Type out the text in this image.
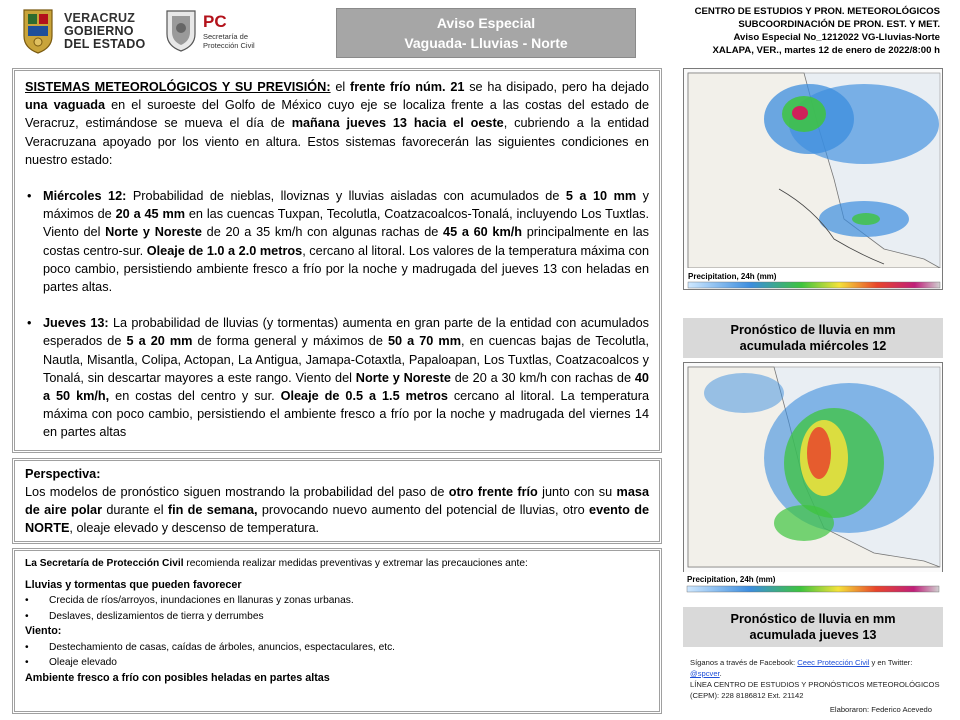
VERACRUZ
GOBIERNO
DEL ESTADO
PC
Secretaría de
Protección Civil
Aviso Especial
Vaguada- Lluvias - Norte
CENTRO DE ESTUDIOS Y PRON. METEOROLÓGICOS
SUBCOORDINACIÓN DE PRON. EST. Y MET.
Aviso Especial No_1212022 VG-Lluvias-Norte
XALAPA, VER., martes 12 de enero de 2022/8:00 h

SISTEMAS METEOROLÓGICOS Y SU PREVISIÓN: el frente frío núm. 21 se ha disipado, pero ha dejado una vaguada en el suroeste del Golfo de México cuyo eje se localiza frente a las costas del estado de Veracruz, estimándose se mueva el día de mañana jueves 13 hacia el oeste, cubriendo a la entidad Veracruzana apoyado por los viento en altura. Estos sistemas favorecerán las siguientes condiciones en nuestro estado:

• Miércoles 12: Probabilidad de nieblas, lloviznas y lluvias aisladas con acumulados de 5 a 10 mm y máximos de 20 a 45 mm en las cuencas Tuxpan, Tecolutla, Coatzacoalcos-Tonalá, incluyendo Los Tuxtlas. Viento del Norte y Noreste de 20 a 35 km/h con algunas rachas de 45 a 60 km/h principalmente en las costas centro-sur. Oleaje de 1.0 a 2.0 metros, cercano al litoral. Los valores de la temperatura máxima con poco cambio, persistiendo ambiente fresco a frío por la noche y madrugada del jueves 13 con heladas en partes altas.
• Jueves 13: La probabilidad de lluvias (y tormentas) aumenta en gran parte de la entidad con acumulados esperados de 5 a 20 mm de forma general y máximos de 50 a 70 mm, en cuencas bajas de Tecolutla, Nautla, Misantla, Colipa, Actopan, La Antigua, Jamapa-Cotaxtla, Papaloapan, Los Tuxtlas, Coatzacoalcos y Tonalá, sin descartar mayores a este rango. Viento del Norte y Noreste de 20 a 30 km/h con rachas de 40 a 50 km/h, en costas del centro y sur. Oleaje de 0.5 a 1.5 metros cercano al litoral. La temperatura máxima con poco cambio, persistiendo el ambiente fresco a frío por la noche y madrugada del viernes 14 en partes altas
Perspectiva:

Los modelos de pronóstico siguen mostrando la probabilidad del paso de otro frente frío junto con su masa de aire polar durante el fin de semana, provocando nuevo aumento del potencial de lluvias, otro evento de NORTE, oleaje elevado y descenso de temperatura.

La Secretaría de Protección Civil recomienda realizar medidas preventivas y extremar las precauciones ante:
Lluvias y tormentas que pueden favorecer
• Crecida de ríos/arroyos, inundaciones en llanuras y zonas urbanas.
• Deslaves, deslizamientos de tierra y derrumbes
Viento:
• Destechamiento de casas, caídas de árboles, anuncios, espectaculares, etc.
• Oleaje elevado
Ambiente fresco a frío con posibles heladas en partes altas
Precipitation, 24h (mm)
Pronóstico de lluvia en mm
acumulada miércoles 12
Precipitation, 24h (mm)
Pronóstico de lluvia en mm
acumulada jueves 13
Síganos a través de Facebook: Ceec Protección Civil y en Twitter:
@spcver.
LÍNEA CENTRO DE ESTUDIOS Y PRONÓSTICOS METEOROLÓGICOS
(CEPM): 228 8186812 Ext. 21142
Elaboraron: Federico Acevedo
